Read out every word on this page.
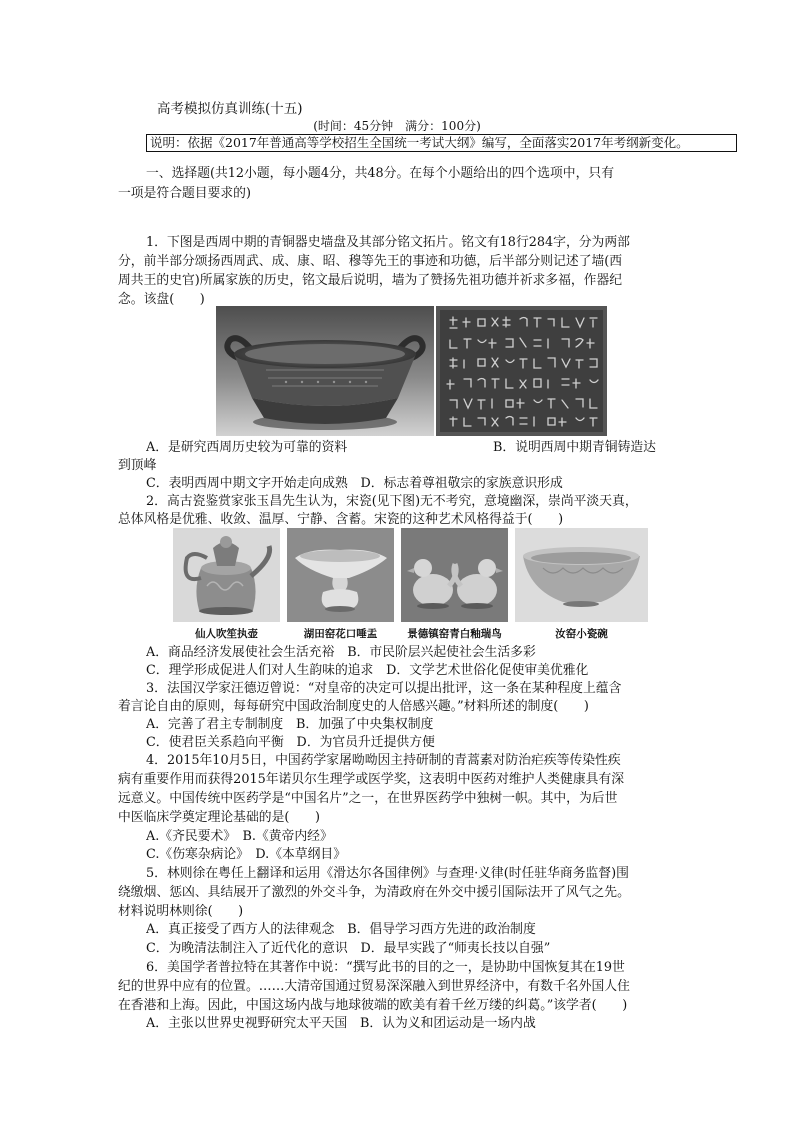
高考模拟仿真训练(十五)
(时间：45分钟　满分：100分)
说明：依据《2017年普通高等学校招生全国统一考试大纲》编写，全面落实2017年考纲新变化。
一、选择题(共12小题，每小题4分，共48分。在每个小题给出的四个选项中，只有
一项是符合题目要求的)
1．下图是西周中期的青铜器史墙盘及其部分铭文拓片。铭文有18行284字，分为两部
分，前半部分颂扬西周武、成、康、昭、穆等先王的事迹和功德，后半部分则记述了墙(西
周共王的史官)所属家族的历史，铭文最后说明，墙为了赞扬先祖功德并祈求多福，作器纪
念。该盘(　　)
A．是研究西周历史较为可靠的资料	B．说明西周中期青铜铸造达
到顶峰
C．表明西周中期文字开始走向成熟　D．标志着尊祖敬宗的家族意识形成
2．高古瓷鉴赏家张玉昌先生认为，宋瓷(见下图)无不考究，意境幽深，崇尚平淡天真，
总体风格是优雅、收敛、温厚、宁静、含蓄。宋瓷的这种艺术风格得益于(　　)
仙人吹笙执壶	湖田窑花口唾盂	景德镇窑青白釉瑞鸟	汝窑小瓷碗
A．商品经济发展使社会生活充裕　B．市民阶层兴起使社会生活多彩
C．理学形成促进人们对人生韵味的追求　D．文学艺术世俗化促使审美优雅化
3．法国汉学家汪德迈曾说：“对皇帝的决定可以提出批评，这一条在某种程度上蕴含
着言论自由的原则，每每研究中国政治制度史的人倍感兴趣。”材料所述的制度(　　)
A．完善了君主专制制度　B．加强了中央集权制度
C．使君臣关系趋向平衡　D．为官员升迁提供方便
4．2015年10月5日，中国药学家屠呦呦因主持研制的青蒿素对防治疟疾等传染性疾
病有重要作用而获得2015年诺贝尔生理学或医学奖，这表明中医药对维护人类健康具有深
远意义。中国传统中医药学是“中国名片”之一，在世界医药学中独树一帜。其中，为后世
中医临床学奠定理论基础的是(　　)
A.《齐民要术》　B.《黄帝内经》
C.《伤寒杂病论》　D.《本草纲目》
5．林则徐在粤任上翻译和运用《滑达尔各国律例》与查理·义律(时任驻华商务监督)围
绕缴烟、惩凶、具结展开了激烈的外交斗争，为清政府在外交中援引国际法开了风气之先。
材料说明林则徐(　　)
A．真正接受了西方人的法律观念　B．倡导学习西方先进的政治制度
C．为晚清法制注入了近代化的意识　D．最早实践了“师夷长技以自强”
6．美国学者普拉特在其著作中说：“撰写此书的目的之一，是协助中国恢复其在19世
纪的世界中应有的位置。……大清帝国通过贸易深深融入到世界经济中，有数千名外国人住
在香港和上海。因此，中国这场内战与地球彼端的欧美有着千丝万缕的纠葛。”该学者(　　)
A．主张以世界史视野研究太平天国　B．认为义和团运动是一场内战
